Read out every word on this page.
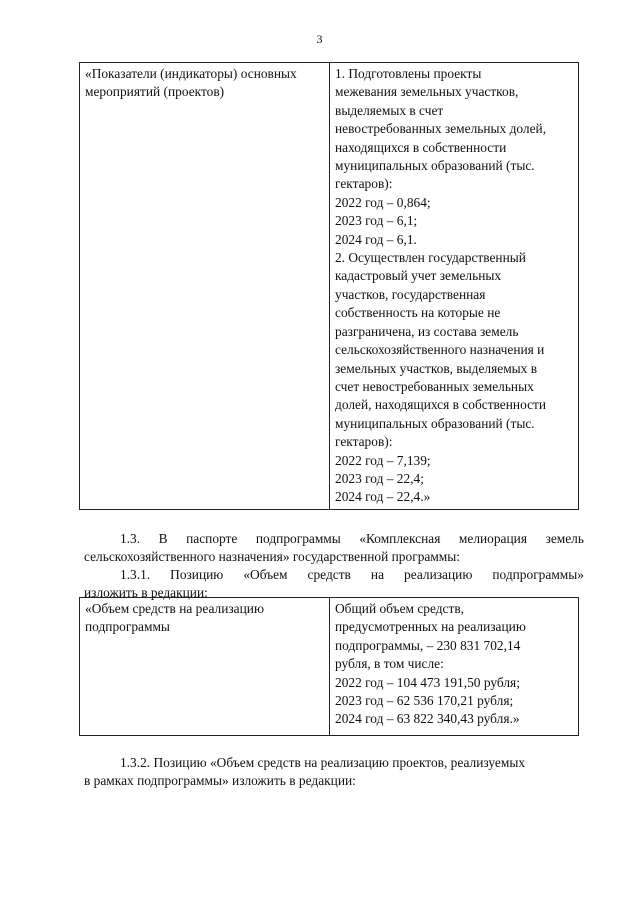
3
«Показатели (индикаторы) основных
мероприятий (проектов)

1. Подготовлены проекты
межевания земельных участков,
выделяемых в счет
невостребованных земельных долей,
находящихся в собственности
муниципальных образований (тыс.
гектаров):
2022 год – 0,864;
2023 год – 6,1;
2024 год – 6,1.
2. Осуществлен государственный
кадастровый учет земельных
участков, государственная
собственность на которые не
разграничена, из состава земель
сельскохозяйственного назначения и
земельных участков, выделяемых в
счет невостребованных земельных
долей, находящихся в собственности
муниципальных образований (тыс.
гектаров):
2022 год – 7,139;
2023 год – 22,4;
2024 год – 22,4.»
1.3. В паспорте подпрограммы «Комплексная мелиорация земель
сельскохозяйственного назначения» государственной программы:
1.3.1. Позицию «Объем средств на реализацию подпрограммы»
изложить в редакции:
«Объем средств на реализацию
подпрограммы

Общий объем средств,
предусмотренных на реализацию
подпрограммы, – 230 831 702,14
рубля, в том числе:
2022 год – 104 473 191,50 рубля;
2023 год – 62 536 170,21 рубля;
2024 год – 63 822 340,43 рубля.»
1.3.2. Позицию «Объем средств на реализацию проектов, реализуемых
в рамках подпрограммы» изложить в редакции:
